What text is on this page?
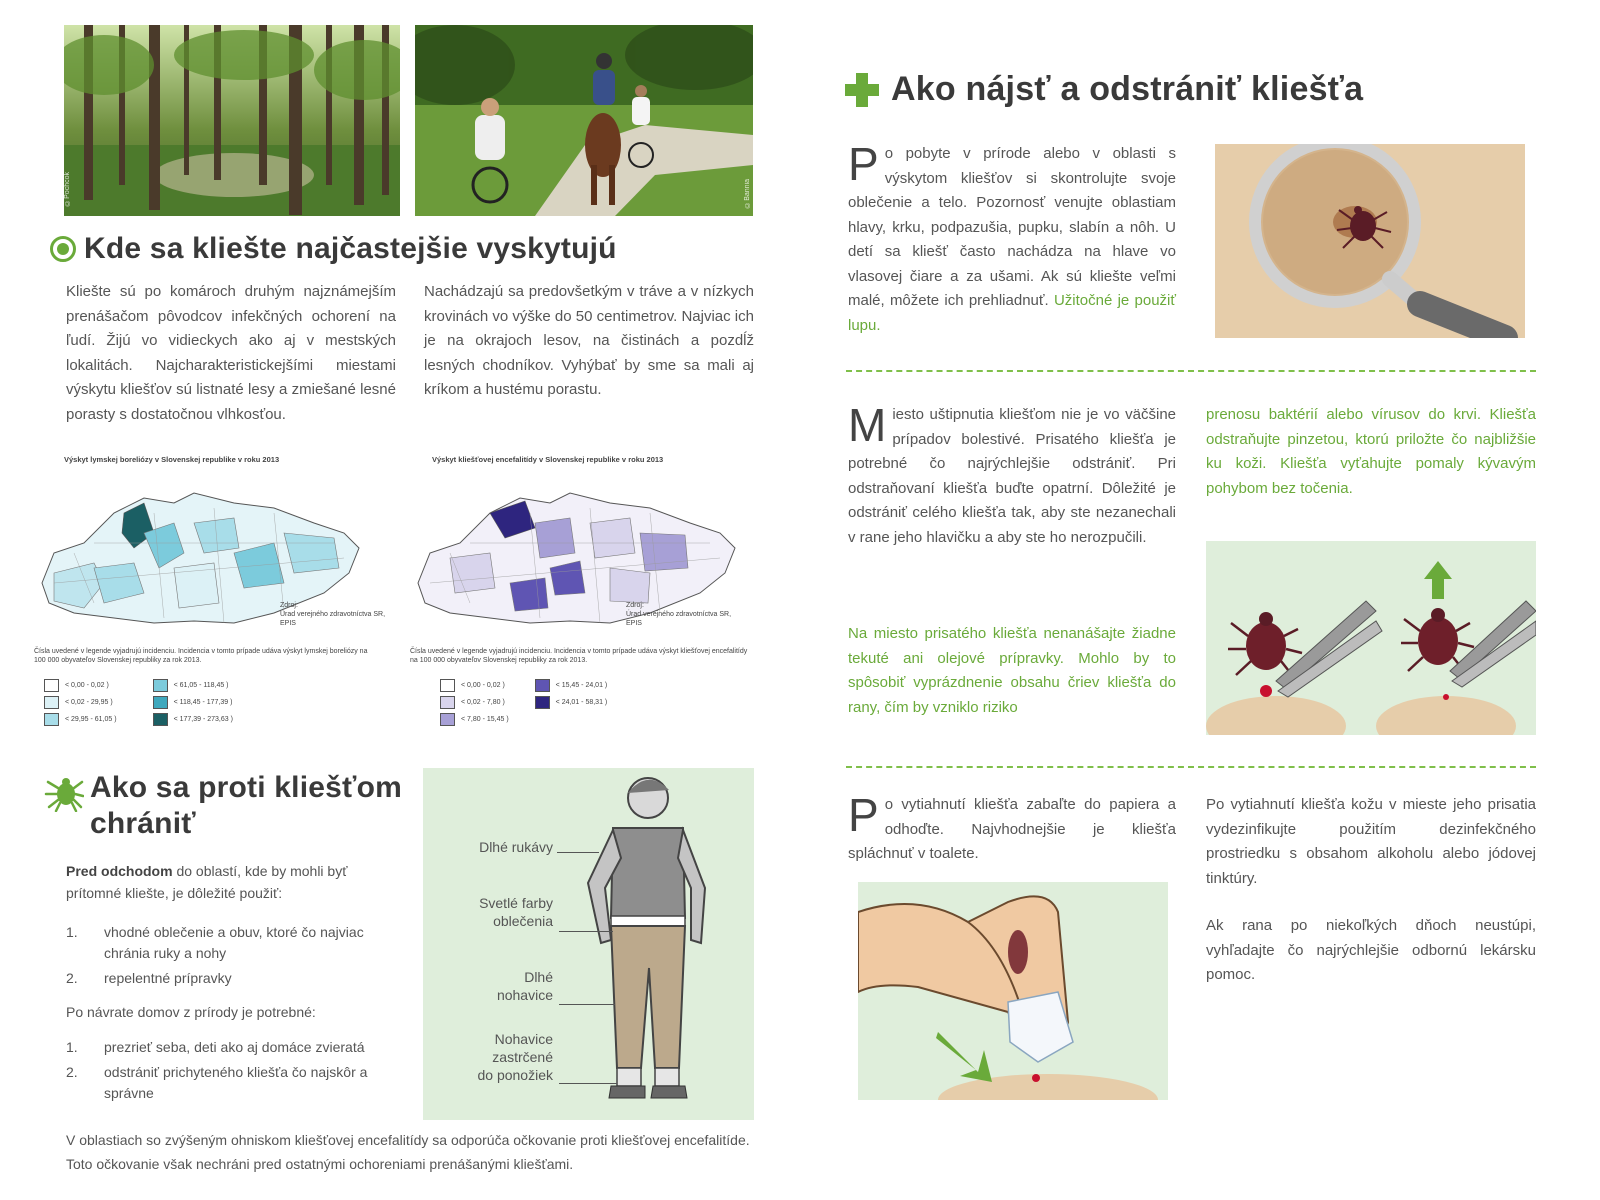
©Pochcok	©Bannia
Kde sa kliešte najčastejšie vyskytujú
Kliešte sú po komároch druhým najznámejším prenášačom pôvodcov infekčných ochorení na ľudí. Žijú vo vidieckych ako aj v mestských lokalitách. Najcharakteristickejšími miestami výskytu kliešťov sú listnaté lesy a zmiešané lesné porasty s dostatočnou vlhkosťou.
Nachádzajú sa predovšetkým v tráve a v nízkych krovinách vo výške do 50 centimetrov. Najviac ich je na okrajoch lesov, na čistinách a pozdĺž lesných chodníkov. Vyhýbať by sme sa mali aj kríkom a hustému porastu.
Výskyt lymskej boreliózy v Slovenskej republike v roku 2013
Zdroj:
Úrad verejného zdravotníctva SR,
EPIS
Čísla uvedené v legende vyjadrujú incidenciu. Incidencia v tomto prípade udáva výskyt lymskej boreliózy na 100 000 obyvateľov Slovenskej republiky za rok 2013.
< 0,00 - 0,02 )
< 0,02 - 29,95 )
< 29,95 - 61,05 )
< 61,05 - 118,45 )
< 118,45 - 177,39 )
< 177,39 - 273,63 )
Výskyt kliešťovej encefalitídy v Slovenskej republike v roku 2013
Zdroj:
Úrad verejného zdravotníctva SR,
EPIS
Čísla uvedené v legende vyjadrujú incidenciu. Incidencia v tomto prípade udáva výskyt kliešťovej encefalitídy na 100 000 obyvateľov Slovenskej republiky za rok 2013.
< 0,00 - 0,02 )
< 0,02 - 7,80 )
< 7,80 - 15,45 )
< 15,45 - 24,01 )
< 24,01 - 58,31 )
Ako sa proti kliešťom
chrániť
Pred odchodom do oblastí, kde by mohli byť prítomné kliešte, je dôležité použiť:
1.	vhodné oblečenie a obuv, ktoré čo najviac chránia ruky a nohy
2.	repelentné prípravky
Po návrate domov z prírody je potrebné:
1.	prezrieť seba, deti ako aj domáce zvieratá
2.	odstrániť prichyteného kliešťa čo najskôr a správne
Dlhé rukávy
Svetlé farby
oblečenia
Dlhé
nohavice
Nohavice
zastrčené
do ponožiek
V oblastiach so zvýšeným ohniskom kliešťovej encefalitídy sa odporúča očkovanie proti kliešťovej encefalitíde. Toto očkovanie však nechráni pred ostatnými ochoreniami prenášanými kliešťami.
Ako nájsť a odstrániť kliešťa
Po pobyte v prírode alebo v oblasti s výskytom kliešťov si skontrolujte svoje oblečenie a telo. Pozornosť venujte oblastiam hlavy, krku, podpazušia, pupku, slabín a nôh. U detí sa kliešť často nachádza na hlave vo vlasovej čiare a za ušami. Ak sú kliešte veľmi malé, môžete ich prehliadnuť. Užitočné je použiť lupu.
Miesto uštipnutia kliešťom nie je vo väčšine prípadov bolestivé. Prisatého kliešťa je potrebné čo najrýchlejšie odstrániť. Pri odstraňovaní kliešťa buďte opatrní. Dôležité je odstrániť celého kliešťa tak, aby ste nezanechali v rane jeho hlavičku a aby ste ho nerozpučili.
Na miesto prisatého kliešťa nenanášajte žiadne tekuté ani olejové prípravky. Mohlo by to spôsobiť vyprázdnenie obsahu čriev kliešťa do rany, čím by vzniklo riziko
prenosu baktérií alebo vírusov do krvi. Kliešťa odstraňujte pinzetou, ktorú priložte čo najbližšie ku koži. Kliešťa vyťahujte pomaly kývavým pohybom bez točenia.
Po vytiahnutí kliešťa zabaľte do papiera a odhoďte. Najvhodnejšie je kliešťa spláchnuť v toalete.
Po vytiahnutí kliešťa kožu v mieste jeho prisatia vydezinfikujte použitím dezinfekčného prostriedku s obsahom alkoholu alebo jódovej tinktúry.
Ak rana po niekoľkých dňoch neustúpi, vyhľadajte čo najrýchlejšie odbornú lekársku pomoc.
